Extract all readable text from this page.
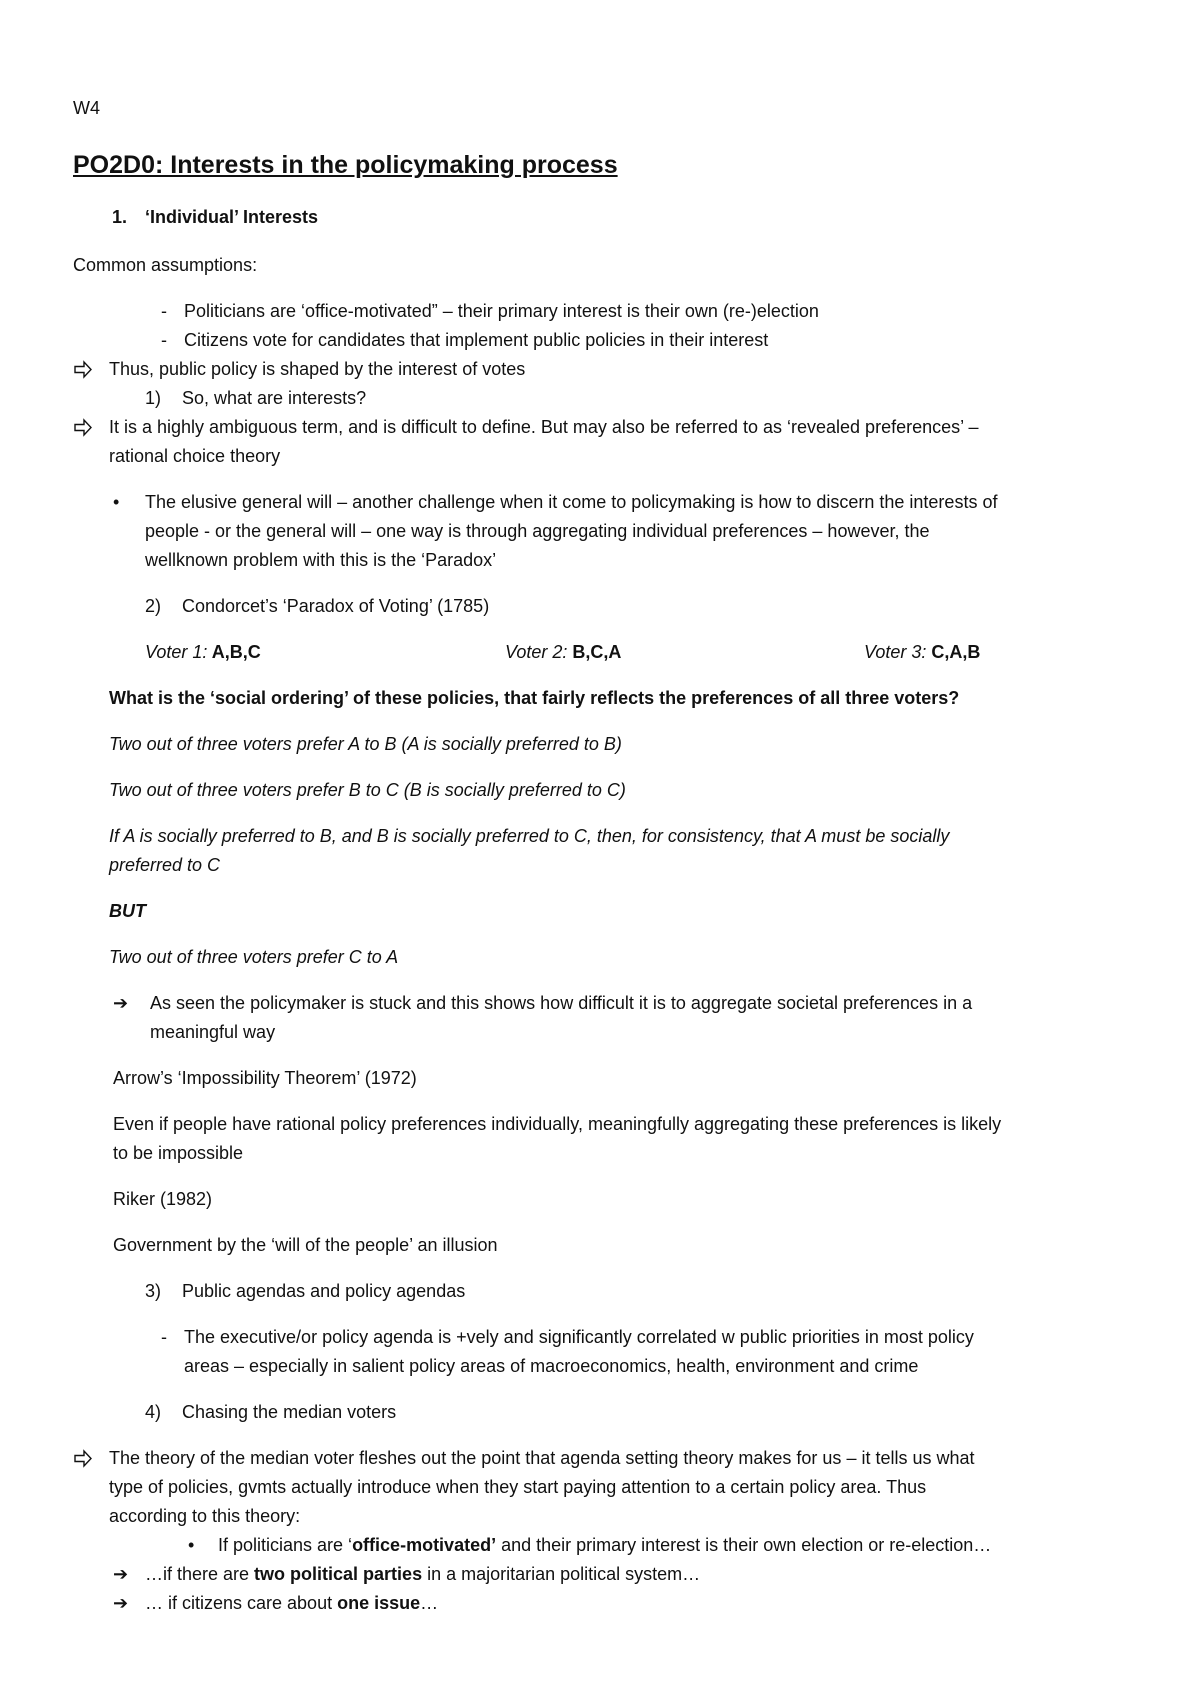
W4
PO2D0: Interests in the policymaking process
1. ‘Individual’ Interests
Common assumptions:
- Politicians are ‘office-motivated” – their primary interest is their own (re-)election
- Citizens vote for candidates that implement public policies in their interest
Thus, public policy is shaped by the interest of votes
1) So, what are interests?
It is a highly ambiguous term, and is difficult to define. But may also be referred to as ‘revealed preferences’ –
rational choice theory
• The elusive general will – another challenge when it come to policymaking is how to discern the interests of
people - or the general will – one way is through aggregating individual preferences – however, the
wellknown problem with this is the ‘Paradox’
2) Condorcet’s ‘Paradox of Voting’ (1785)
Voter 1: A,B,C	Voter 2: B,C,A	Voter 3: C,A,B
What is the ‘social ordering’ of these policies, that fairly reflects the preferences of all three voters?
Two out of three voters prefer A to B (A is socially preferred to B)
Two out of three voters prefer B to C (B is socially preferred to C)
If A is socially preferred to B, and B is socially preferred to C, then, for consistency, that A must be socially
preferred to C
BUT
Two out of three voters prefer C to A
➔ As seen the policymaker is stuck and this shows how difficult it is to aggregate societal preferences in a
meaningful way
Arrow’s ‘Impossibility Theorem’ (1972)
Even if people have rational policy preferences individually, meaningfully aggregating these preferences is likely
to be impossible
Riker (1982)
Government by the ‘will of the people’ an illusion
3) Public agendas and policy agendas
- The executive/or policy agenda is +vely and significantly correlated w public priorities in most policy
areas – especially in salient policy areas of macroeconomics, health, environment and crime
4) Chasing the median voters
The theory of the median voter fleshes out the point that agenda setting theory makes for us – it tells us what
type of policies, gvmts actually introduce when they start paying attention to a certain policy area. Thus
according to this theory:
• If politicians are ‘office-motivated’ and their primary interest is their own election or re-election…
➔ …if there are two political parties in a majoritarian political system…
➔ … if citizens care about one issue…
